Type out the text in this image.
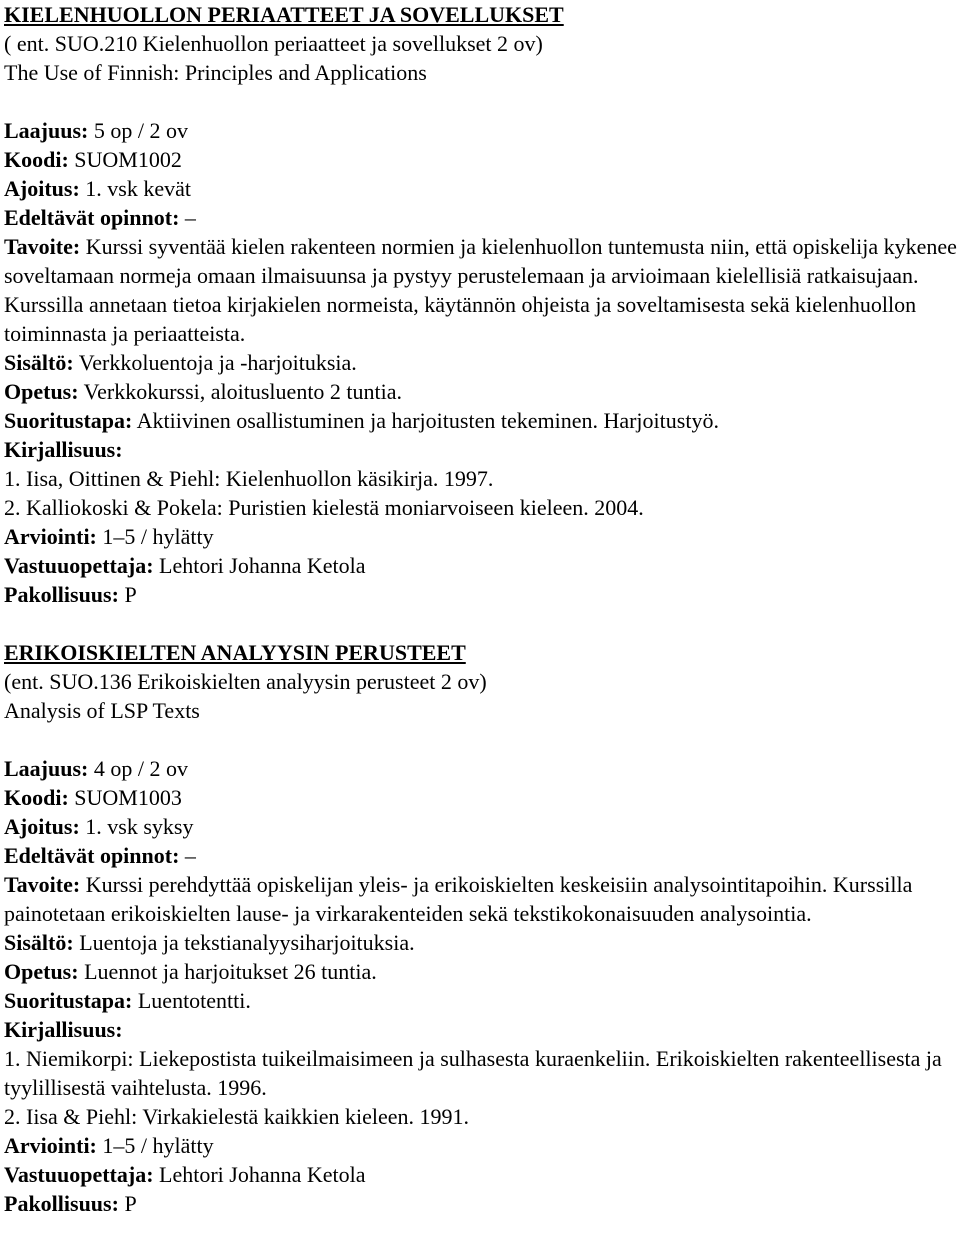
KIELENHUOLLON PERIAATTEET JA SOVELLUKSET
( ent. SUO.210 Kielenhuollon periaatteet ja sovellukset 2 ov)
The Use of Finnish: Principles and Applications
Laajuus: 5 op / 2 ov
Koodi: SUOM1002
Ajoitus: 1. vsk kevät
Edeltävät opinnot: –
Tavoite: Kurssi syventää kielen rakenteen normien ja kielenhuollon tuntemusta niin, että opiskelija kykenee soveltamaan normeja omaan ilmaisuunsa ja pystyy perustelemaan ja arvioimaan kielellisiä ratkaisujaan. Kurssilla annetaan tietoa kirjakielen normeista, käytännön ohjeista ja soveltamisesta sekä kielenhuollon toiminnasta ja periaatteista.
Sisältö: Verkkoluentoja ja -harjoituksia.
Opetus: Verkkokurssi, aloitusluento 2 tuntia.
Suoritustapa: Aktiivinen osallistuminen ja harjoitusten tekeminen. Harjoitustyö.
Kirjallisuus:
1. Iisa, Oittinen & Piehl: Kielenhuollon käsikirja. 1997.
2. Kalliokoski & Pokela: Puristien kielestä moniarvoiseen kieleen. 2004.
Arviointi: 1–5 / hylätty
Vastuuopettaja: Lehtori Johanna Ketola
Pakollisuus: P
ERIKOISKIELTEN ANALYYSIN PERUSTEET
(ent. SUO.136 Erikoiskielten analyysin perusteet 2 ov)
Analysis of LSP Texts
Laajuus: 4 op / 2 ov
Koodi: SUOM1003
Ajoitus: 1. vsk syksy
Edeltävät opinnot: –
Tavoite: Kurssi perehdyttää opiskelijan yleis- ja erikoiskielten keskeisiin analysointitapoihin. Kurssilla painotetaan erikoiskielten lause- ja virkarakenteiden sekä tekstikokonaisuuden analysointia.
Sisältö: Luentoja ja tekstianalyysiharjoituksia.
Opetus: Luennot ja harjoitukset 26 tuntia.
Suoritustapa: Luentotentti.
Kirjallisuus:
1. Niemikorpi: Liekepostista tuikeilmaisimeen ja sulhasesta kuraenkeliin. Erikoiskielten rakenteellisesta ja tyylillisestä vaihtelusta. 1996.
2. Iisa & Piehl: Virkakielestä kaikkien kieleen. 1991.
Arviointi: 1–5 / hylätty
Vastuuopettaja: Lehtori Johanna Ketola
Pakollisuus: P
